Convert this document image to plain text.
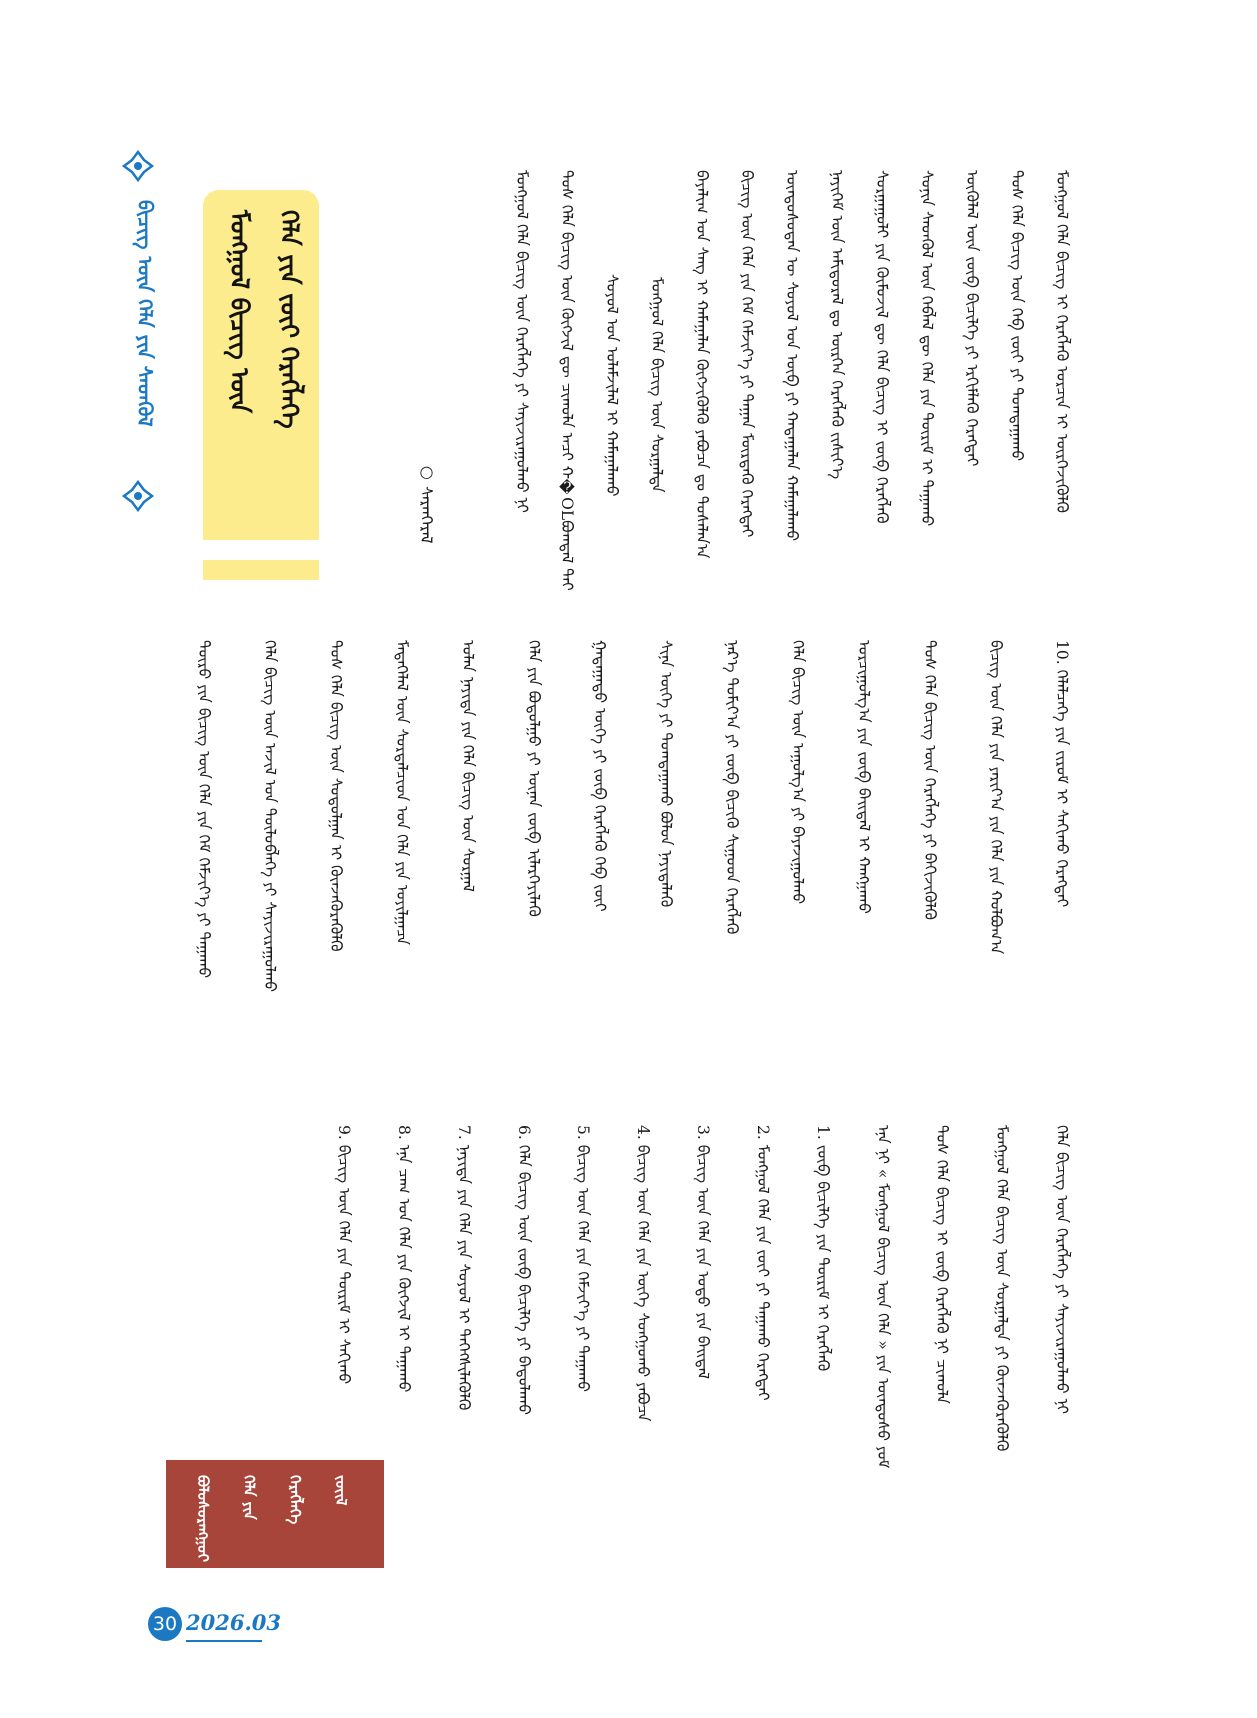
ᠪᠢᠴᠢᠭ᠌ ᠦᠨ ᠬᠡᠯᠡ ᠶᠢᠨ ᠰᠡᠳᠬᠦᠯ	ᠮᠣᠩᠭᠣᠯ ᠪᠢᠴᠢᠭ᠌ ᠦᠨ ᠬᠡᠯᠡ ᠶᠢᠨ ᠵᠦᠢ ᠬᠡᠷᠡᠭᠯᠡᠭᠡ
○ ᠰᠠᠷᠠᠨᠭᠡᠷᠡᠯ	ᠮᠣᠩᠭᠣᠯ ᠬᠡᠯᠡ ᠪᠢᠴᠢᠭ᠌ ᠦᠨ ᠬᠡᠷᠡᠭᠯᠡᠭᠡ ᠶᠢ ᠰᠠᠶᠢᠵᠢᠷᠠᠭᠤᠯᠬᠤ ᠨᠢ	ᠲᠤᠰ ᠬᠡᠯᠡ ᠪᠢᠴᠢᠭ᠌ ᠦᠨ ᠬᠥᠭᠵᠢᠯ ᠳᠦ ᠴᠢᠬᠤᠯᠠ ᠠᠴᠢ ᠬ�OLᠪᠣᠭᠳᠠᠯ ᠲᠠᠢ	ᠰᠣᠶᠣᠯ ᠤᠨ ᠤᠯᠠᠮᠵᠢᠯᠠᠯ ᠢ ᠬᠠᠮᠠᠭᠠᠯᠠᠬᠤ	ᠮᠣᠩᠭᠣᠯ ᠬᠡᠯᠡ ᠪᠢᠴᠢᠭ᠌ ᠦᠨ ᠰᠤᠷᠭᠠᠯᠲᠠ	ᠪᠠᠶᠠᠯᠢᠭ ᠤᠨ ᠰᠠᠩ ᠢ ᠬᠠᠮᠠᠭᠠᠯᠠᠨ ᠬᠥᠭᠵᠢᠭᠦᠯᠬᠦ ᠶᠠᠪᠤᠴᠠ ᠳᠤ ᠲᠤᠰᠠᠯᠠᠨ᠎ᠠ	ᠪᠢᠴᠢᠭ᠌ ᠦᠨ ᠬᠡᠯᠡ ᠶᠢᠨ ᠬᠡᠮ ᠬᠡᠮᠵᠢᠶ᠎ᠡ ᠶᠢ ᠳᠠᠭᠠᠨ ᠮᠦᠷᠳᠡᠬᠦ ᠬᠡᠷᠡᠭᠲᠡᠢ	ᠦᠨᠳᠦᠰᠦᠲᠡᠨ ᠦ ᠰᠣᠶᠣᠯ ᠤᠨ ᠥᠪ ᠶᠢ ᠬᠠᠳᠠᠭᠠᠯᠠᠨ ᠬᠠᠮᠠᠭᠠᠯᠠᠬᠤ	ᠨᠡᠶᠢᠭᠡᠮ ᠦᠨ ᠠᠮᠢᠳᠤᠷᠠᠯ ᠳᠤ ᠥᠷᠭᠡᠨ ᠬᠡᠷᠡᠭᠯᠡᠬᠦ ᠵᠢᠰᠢᠶ᠎ᠡ	ᠰᠤᠷᠭᠠᠭᠤᠯᠢ ᠶᠢᠨ ᠬᠦᠮᠦᠵᠢᠯ ᠳᠦ ᠬᠡᠯᠡ ᠪᠢᠴᠢᠭ᠌ ᠢ ᠵᠥᠪ ᠬᠡᠷᠡᠭᠯᠡᠬᠦ	ᠰᠣᠨᠢᠨ ᠰᠡᠳᠬᠦᠯ ᠦᠨ ᠬᠡᠪᠯᠡᠯ ᠳᠦ ᠬᠡᠯᠡ ᠶᠢᠨ ᠳᠦᠷᠢᠮ ᠢ ᠳᠠᠭᠠᠬᠤ	ᠥᠭᠦᠯᠡᠯ ᠦᠨ ᠵᠥᠪ ᠪᠢᠴᠢᠯᠭᠡ ᠶᠢ ᠡᠷᠬᠢᠮᠯᠡᠬᠦ ᠬᠡᠷᠡᠭᠲᠡᠢ	ᠲᠤᠰ ᠬᠡᠯᠡ ᠪᠢᠴᠢᠭ᠌ ᠦᠨ ᠬᠡᠪ ᠵᠦᠢ ᠶᠢ ᠲᠣᠭᠲᠠᠭᠠᠬᠤ	ᠮᠣᠩᠭᠣᠯ ᠬᠡᠯᠡ ᠪᠢᠴᠢᠭ᠌ ᠢ ᠬᠡᠷᠡᠭᠯᠡᠬᠦ ᠣᠷᠴᠢᠨ ᠢ ᠥᠷᠭᠡᠵᠢᠭᠦᠯᠬᠦ
ᠲᠥᠷᠦ ᠶᠢᠨ ᠪᠢᠴᠢᠭ᠌ ᠦᠨ ᠬᠡᠯᠡ ᠶᠢᠨ ᠬᠡᠮ ᠬᠡᠮᠵᠢᠶ᠎ᠡ ᠶᠢ ᠳᠠᠭᠠᠬᠤ	ᠬᠡᠯᠡ ᠪᠢᠴᠢᠭ᠌ ᠦᠨ ᠠᠵᠢᠯ ᠤᠨ ᠲᠥᠯᠦᠪᠯᠡᠭᠡ ᠶᠢ ᠰᠠᠶᠢᠵᠢᠷᠠᠭᠤᠯᠬᠤ	ᠲᠤᠰ ᠬᠡᠯᠡ ᠪᠢᠴᠢᠭ᠌ ᠦᠨ ᠰᠤᠳᠤᠯᠭᠠᠨ ᠢ ᠭᠦᠨᠵᠡᠭᠦᠷᠡᠭᠦᠯᠬᠦ	ᠮᠡᠳᠡᠭᠡᠯᠡᠯ ᠦᠨ ᠰᠤᠷᠲᠠᠯᠴᠢᠳ ᠤᠨ ᠬᠡᠯᠡ ᠶᠢᠨ ᠣᠶᠢᠯᠭᠠᠴᠠ	ᠣᠯᠠᠨ ᠨᠡᠶᠢᠲᠡ ᠶᠢᠨ ᠬᠡᠯᠡ ᠪᠢᠴᠢᠭ᠌ ᠦᠨ ᠰᠤᠷᠭᠠᠯ	ᠬᠡᠯᠡ ᠶᠢᠨ ᠪᠣᠳᠣᠯᠭᠣ ᠶᠢ ᠦᠨᠡᠨ ᠵᠥᠪ ᠢᠯᠡᠷᠬᠡᠶᠢᠯᠡᠬᠦ	ᠭᠠᠳᠠᠭᠠᠳᠤ ᠦᠭᠡ ᠶᠢ ᠵᠥᠪ ᠬᠡᠷᠡᠭᠯᠡᠬᠦ ᠬᠡᠪ ᠵᠦᠢ	ᠰᠢᠨᠡ ᠦᠭᠡ ᠶᠢ ᠲᠣᠭᠲᠠᠭᠠᠬᠤ ᠪᠣᠯᠤᠨ ᠨᠡᠶᠢᠲᠡᠯᠡᠬᠦ	ᠨᠡᠷ᠎ᠡ ᠲᠣᠮᠢᠶ᠎ᠠ ᠶᠢ ᠵᠥᠪ ᠪᠢᠴᠢᠬᠦ ᠰᠢᠭ᠋ᠤᠳ ᠬᠡᠷᠡᠭᠯᠡᠬᠦ	ᠬᠡᠯᠡ ᠪᠢᠴᠢᠭ᠌ ᠦᠨ ᠠᠭᠤᠯᠭ᠎ᠠ ᠶᠢ ᠪᠠᠶᠠᠵᠢᠭᠤᠯᠬᠤ	ᠣᠷᠴᠢᠭᠤᠯᠭ᠎ᠠ ᠶᠢᠨ ᠵᠥᠪ ᠪᠠᠢᠳᠠᠯ ᠢ ᠬᠠᠩᠭᠠᠬᠤ	ᠲᠤᠰ ᠬᠡᠯᠡ ᠪᠢᠴᠢᠭ᠌ ᠦᠨ ᠬᠡᠷᠡᠭᠯᠡᠭᠡ ᠶᠢ ᠪᠡᠬᠢᠵᠢᠭᠦᠯᠬᠦ	ᠪᠢᠴᠢᠭ᠌ ᠦᠨ ᠬᠡᠯᠡ ᠶᠢᠨ ᠶᠠᠷᠢᠶ᠎ᠠ ᠶᠢᠨ ᠬᠡᠯᠡ ᠶᠢᠨ ᠬᠣᠯᠪᠣᠭ᠎ᠠ	10. ᠬᠡᠯᠡᠯᠴᠡᠭᠡ ᠶᠢᠨ ᠵᠢᠷᠤᠮ ᠢ ᠰᠠᠬᠢᠬᠤ ᠬᠡᠷᠡᠭᠲᠡᠢ
9. ᠪᠢᠴᠢᠭ᠌ ᠦᠨ ᠬᠡᠯᠡ ᠶᠢᠨ ᠳᠦᠷᠢᠮ ᠢ ᠰᠠᠬᠢᠬᠤ	8. ᠡᠨᠡ ᠴᠠᠭ ᠤᠨ ᠬᠡᠯᠡ ᠶᠢᠨ ᠬᠥᠭᠵᠢᠯ ᠢ ᠳᠠᠭᠠᠬᠤ	7. ᠨᠡᠶᠢᠲᠡ ᠶᠢᠨ ᠬᠡᠯᠡ ᠶᠢᠨ ᠰᠣᠶᠣᠯ ᠢ ᠳᠡᠭᠡᠭᠰᠢᠯᠡᠭᠦᠯᠬᠦ	6. ᠬᠡᠯᠡ ᠪᠢᠴᠢᠭ᠌ ᠦᠨ ᠵᠥᠪ ᠪᠢᠴᠢᠯᠭᠡ ᠶᠢ ᠪᠠᠲᠤᠯᠠᠬᠤ	5. ᠪᠢᠴᠢᠭ᠌ ᠦᠨ ᠬᠡᠯᠡ ᠶᠢᠨ ᠬᠡᠮᠵᠢᠶ᠎ᠡ ᠶᠢ ᠳᠠᠭᠠᠬᠤ	4. ᠪᠢᠴᠢᠭ᠌ ᠦᠨ ᠬᠡᠯᠡ ᠶᠢᠨ ᠦᠭᠡ ᠰᠣᠩᠭᠣᠬᠤ ᠶᠠᠪᠤᠴᠠ	3. ᠪᠢᠴᠢᠭ᠌ ᠦᠨ ᠬᠡᠯᠡ ᠶᠢᠨ ᠣᠳᠣ ᠶᠢᠨ ᠪᠠᠢᠳᠠᠯ	2. ᠮᠣᠩᠭᠣᠯ ᠬᠡᠯᠡ ᠶᠢᠨ ᠵᠦᠢ ᠶᠢ ᠳᠠᠭᠠᠬᠤ ᠬᠡᠷᠡᠭᠲᠡᠢ	1. ᠵᠥᠪ ᠪᠢᠴᠢᠯᠭᠡ ᠶᠢᠨ ᠳᠦᠷᠢᠮ ᠢ ᠬᠡᠷᠡᠭᠯᠡᠬᠦ	ᠡᠨᠡ ᠨᠢ « ᠮᠣᠩᠭᠣᠯ ᠪᠢᠴᠢᠭ᠌ ᠦᠨ ᠬᠡᠯᠡ » ᠶᠢᠨ ᠦᠨᠳᠦᠰᠦ ᠶᠤᠮ	ᠲᠤᠰ ᠬᠡᠯᠡ ᠪᠢᠴᠢᠭ᠌ ᠢ ᠵᠥᠪ ᠬᠡᠷᠡᠭᠯᠡᠬᠦ ᠨᠢ ᠴᠢᠬᠤᠯᠠ	ᠮᠣᠩᠭᠣᠯ ᠬᠡᠯᠡ ᠪᠢᠴᠢᠭ᠌ ᠦᠨ ᠰᠤᠷᠭᠠᠯᠲᠠ ᠶᠢ ᠭᠦᠨᠵᠡᠭᠦᠷᠡᠭᠦᠯᠬᠦ	ᠬᠡᠯᠡ ᠪᠢᠴᠢᠭ᠌ ᠦᠨ ᠬᠡᠷᠡᠭᠯᠡᠭᠡ ᠶᠢ ᠰᠠᠶᠢᠵᠢᠷᠠᠭᠤᠯᠬᠤ ᠨᠢ
ᠪᠣᠯᠣᠰᠤᠷᠠᠩᠭᠤᠢ ᠬᠡᠯᠡ ᠶᠢᠨ ᠬᠡᠷᠡᠭᠯᠡᠭᠡ ᠵᠦᠢᠯ
30 2026.03
